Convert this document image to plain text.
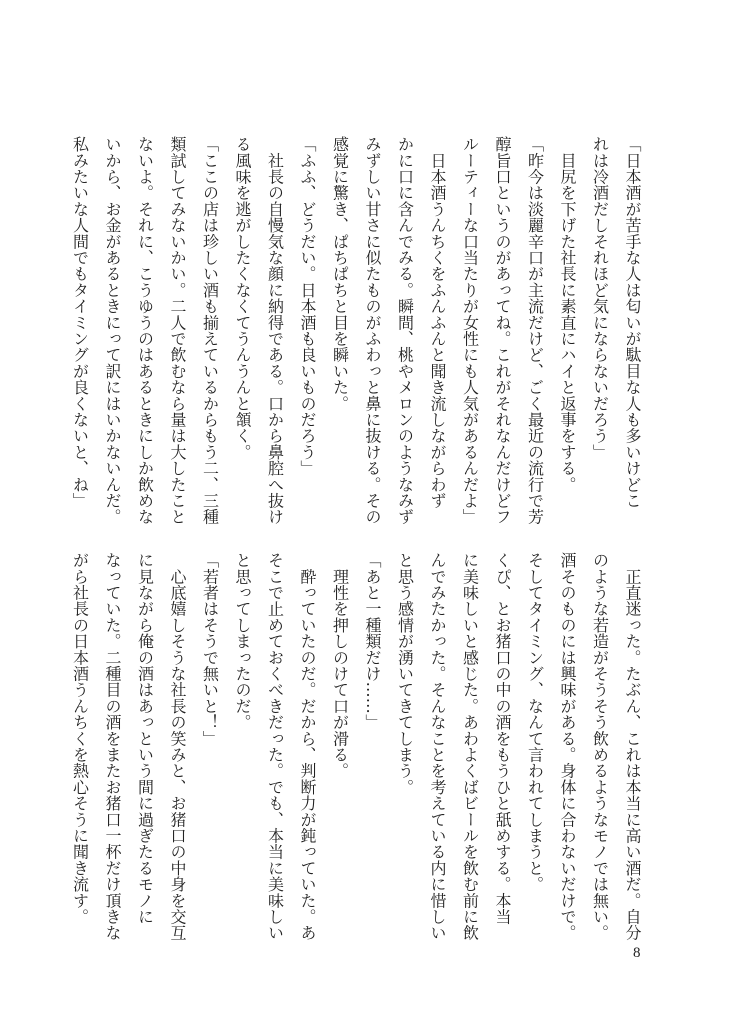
「日本酒が苦手な人は匂いが駄目な人も多いけどこ
れは冷酒だしそれほど気にならないだろう」
　目尻を下げた社長に素直にハイと返事をする。
「昨今は淡麗辛口が主流だけど、ごく最近の流行で芳
醇旨口というのがあってね。これがそれなんだけどフ
ルーティーな口当たりが女性にも人気があるんだよ」
　日本酒うんちくをふんふんと聞き流しながらわず
かに口に含んでみる。瞬間、桃やメロンのようなみず
みずしい甘さに似たものがふわっと鼻に抜ける。その
感覚に驚き、ぱちぱちと目を瞬いた。
「ふふ、どうだい。日本酒も良いものだろう」
　社長の自慢気な顔に納得である。口から鼻腔へ抜け
る風味を逃がしたくなくてうんうんと頷く。
「ここの店は珍しい酒も揃えているからもう二、三種
類試してみないかい。二人で飲むなら量は大したこと
ないよ。それに、こうゆうのはあるときにしか飲めな
いから、お金があるときにって訳にはいかないんだ。
私みたいな人間でもタイミングが良くないと、ね」
　正直迷った。たぶん、これは本当に高い酒だ。自分
のような若造がそうそう飲めるようなモノでは無い。
酒そのものには興味がある。身体に合わないだけで。
そしてタイミング、なんて言われてしまうと。
くぴ、とお猪口の中の酒をもうひと舐めする。本当
に美味しいと感じた。あわよくばビールを飲む前に飲
んでみたかった。そんなことを考えている内に惜しい
と思う感情が湧いてきてしまう。
「あと一種類だけ……」
　理性を押しのけて口が滑る。
　酔っていたのだ。だから、判断力が鈍っていた。あ
そこで止めておくべきだった。でも、本当に美味しい
と思ってしまったのだ。
「若者はそうで無いと！」
　心底嬉しそうな社長の笑みと、お猪口の中身を交互
に見ながら俺の酒はあっという間に過ぎたるモノに
なっていた。二種目の酒をまたお猪口一杯だけ頂きな
がら社長の日本酒うんちくを熱心そうに聞き流す。
8
